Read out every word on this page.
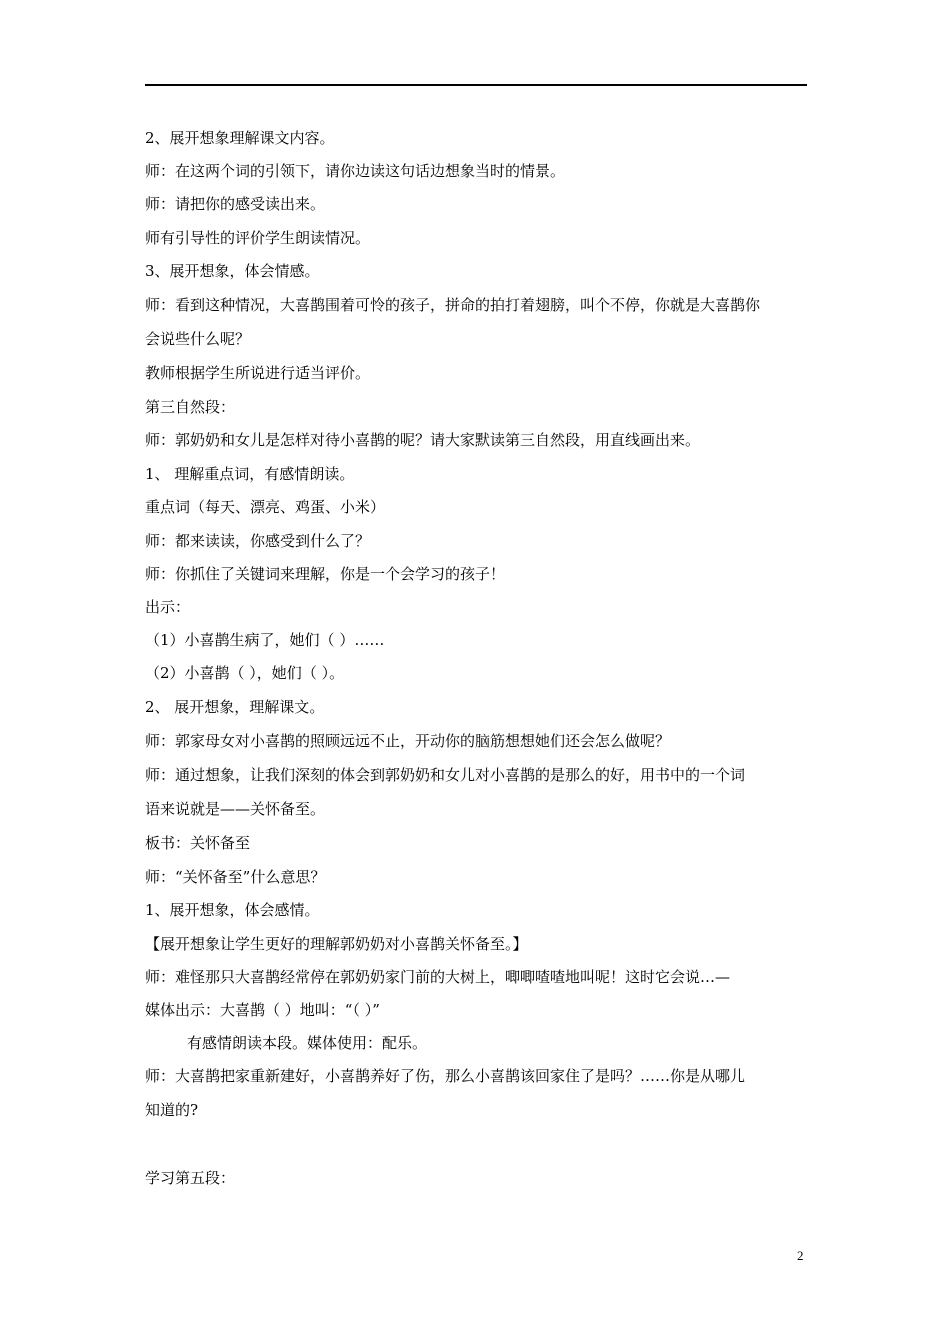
2、展开想象理解课文内容。
师：在这两个词的引领下，请你边读这句话边想象当时的情景。
师：请把你的感受读出来。
师有引导性的评价学生朗读情况。
3、展开想象，体会情感。
师：看到这种情况，大喜鹊围着可怜的孩子，拼命的拍打着翅膀，叫个不停，你就是大喜鹊你
会说些什么呢？
教师根据学生所说进行适当评价。
第三自然段：
师：郭奶奶和女儿是怎样对待小喜鹊的呢？请大家默读第三自然段，用直线画出来。
1、 理解重点词，有感情朗读。
重点词（每天、漂亮、鸡蛋、小米）
师：都来读读，你感受到什么了？
师：你抓住了关键词来理解，你是一个会学习的孩子！
出示：
（1）小喜鹊生病了，她们（ ）……
（2）小喜鹊（ ），她们（ ）。
2、 展开想象，理解课文。
师：郭家母女对小喜鹊的照顾远远不止，开动你的脑筋想想她们还会怎么做呢？
师：通过想象，让我们深刻的体会到郭奶奶和女儿对小喜鹊的是那么的好，用书中的一个词
语来说就是——关怀备至。
板书：关怀备至
师：“关怀备至”什么意思？
1、展开想象，体会感情。
【展开想象让学生更好的理解郭奶奶对小喜鹊关怀备至。】
师：难怪那只大喜鹊经常停在郭奶奶家门前的大树上，唧唧喳喳地叫呢！这时它会说…—
媒体出示：大喜鹊（ ）地叫：“（ ）”
有感情朗读本段。媒体使用：配乐。
师：大喜鹊把家重新建好，小喜鹊养好了伤，那么小喜鹊该回家住了是吗？……你是从哪儿
知道的?
学习第五段：
2
